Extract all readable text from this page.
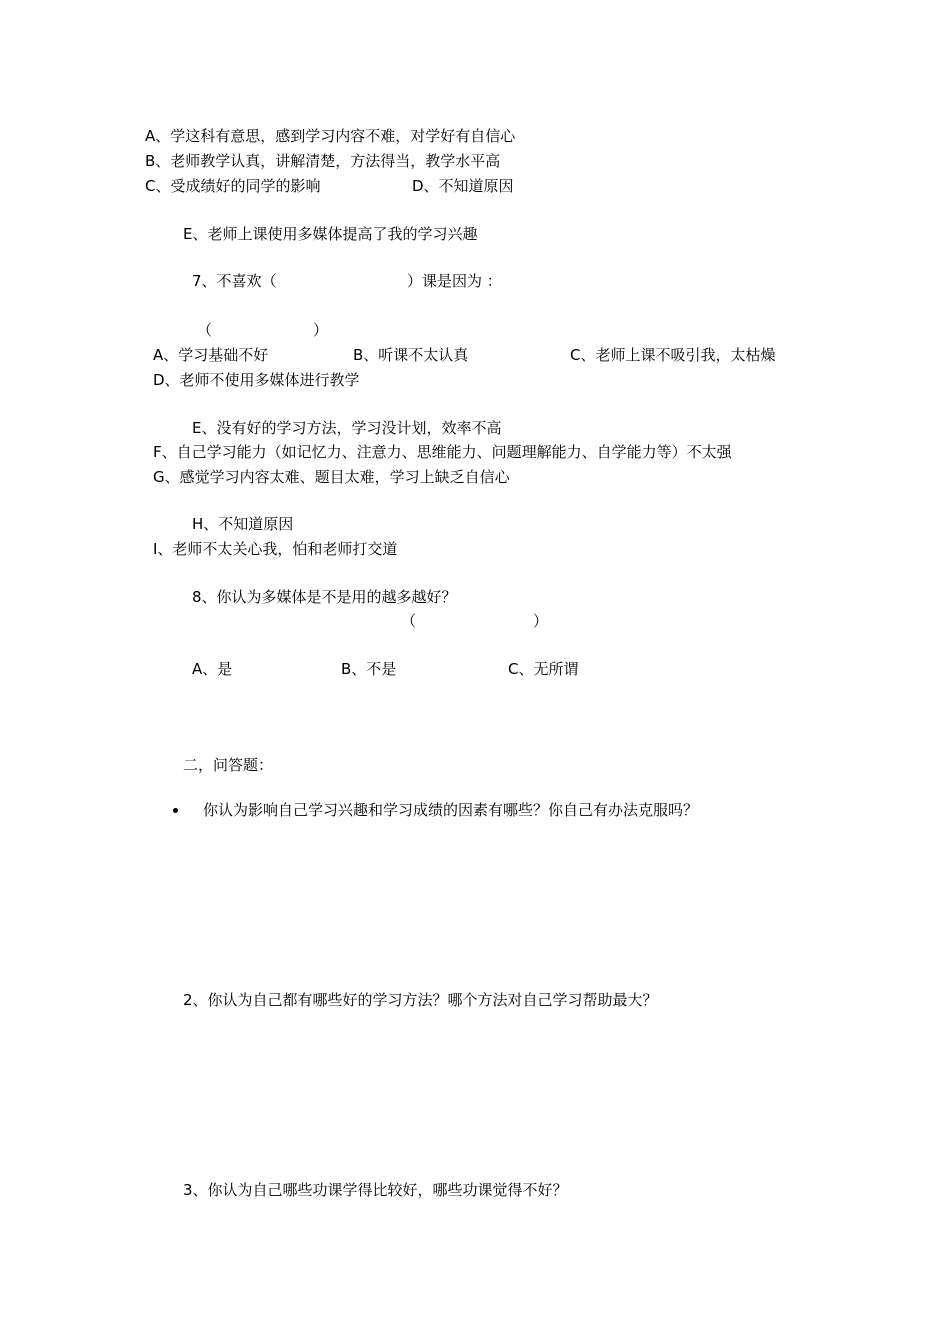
A、学这科有意思，感到学习内容不难，对学好有自信心
B、老师教学认真，讲解清楚，方法得当，教学水平高
C、受成绩好的同学的影响	D、不知道原因
E、老师上课使用多媒体提高了我的学习兴趣
7、不喜欢（	）课是因为 ：
（	）
A、学习基础不好	B、听课不太认真	C、老师上课不吸引我，太枯燥
D、老师不使用多媒体进行教学
E、没有好的学习方法，学习没计划，效率不高
F、自己学习能力（如记忆力、注意力、思维能力、问题理解能力、自学能力等）不太强
G、感觉学习内容太难、题目太难，学习上缺乏自信心
H、不知道原因
I、老师不太关心我，怕和老师打交道
8、你认为多媒体是不是用的越多越好？
（	）
A、是	B、不是	C、无所谓
二，问答题：
你认为影响自己学习兴趣和学习成绩的因素有哪些？你自己有办法克服吗？
2、你认为自己都有哪些好的学习方法？哪个方法对自己学习帮助最大？
3、你认为自己哪些功课学得比较好，哪些功课觉得不好？
